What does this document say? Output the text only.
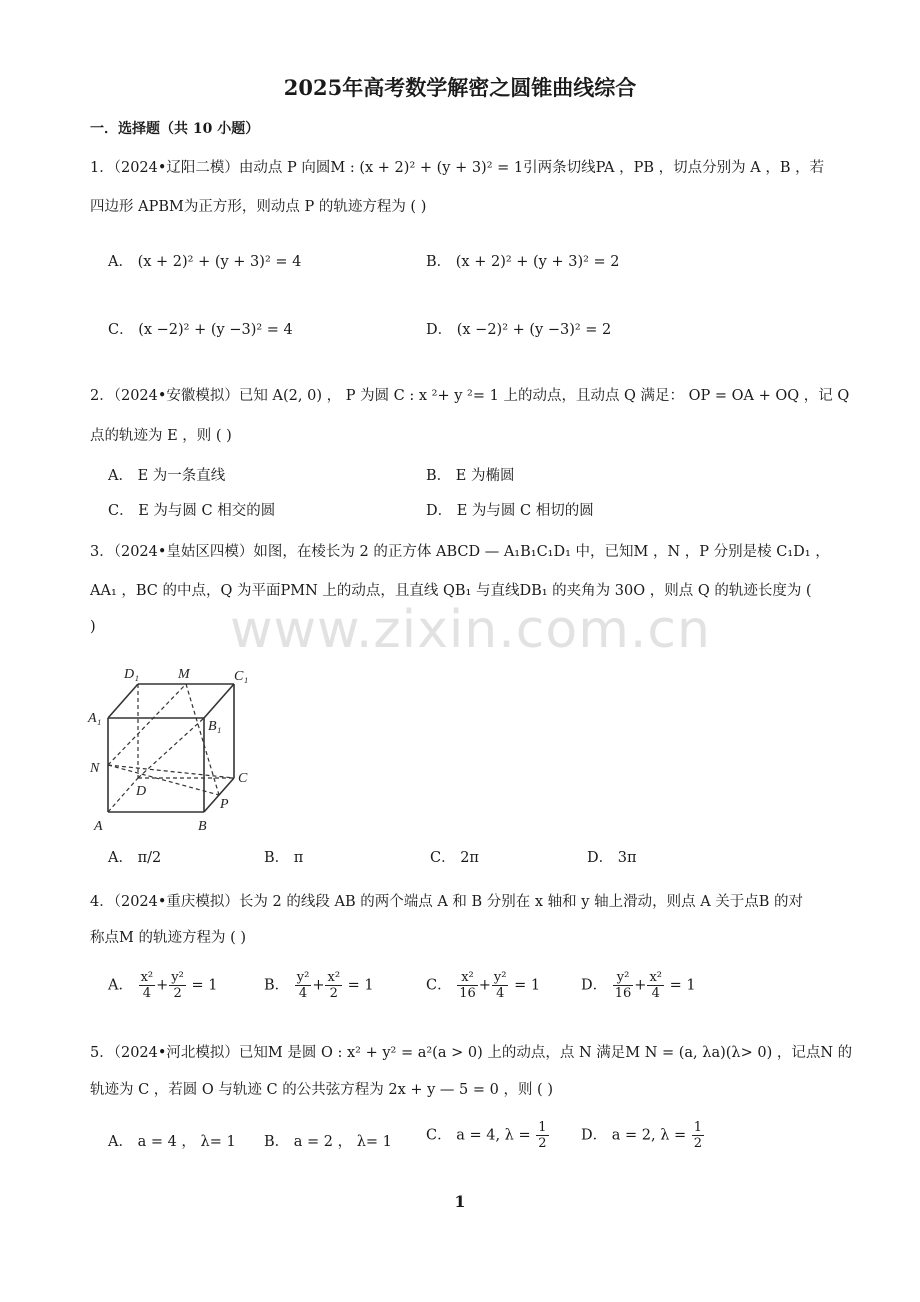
2025年高考数学解密之圆锥曲线综合
一．选择题（共 10 小题）
1．（2024•辽阳二模）由动点 P 向圆M : (x + 2)² + (y + 3)² = 1引两条切线PA ，PB ，切点分别为 A ，B ，若
四边形 APBM为正方形，则动点 P 的轨迹方程为 ( )
A． (x + 2)² + (y + 3)² = 4	B． (x + 2)² + (y + 3)² = 2
C． (x −2)² + (y −3)² = 4	D． (x −2)² + (y −3)² = 2
2．（2024•安徽模拟）已知 A(2, 0) ， P 为圆 C : x ²+ y ²= 1 上的动点，且动点 Q 满足： OP = OA + OQ ，记 Q
点的轨迹为 E ，则 ( )
A． E 为一条直线	B． E 为椭圆
C． E 为与圆 C 相交的圆	D． E 为与圆 C 相切的圆
3．（2024•皇姑区四模）如图，在棱长为 2 的正方体 ABCD — A₁B₁C₁D₁ 中，已知M ，N ，P 分别是棱 C₁D₁ ，
AA₁ ，BC 的中点，Q 为平面PMN 上的动点，且直线 QB₁ 与直线DB₁ 的夹角为 30O ，则点 Q 的轨迹长度为 (
)	www.zixin.com.cn
D₁	M	C₁
A₁
B₁
N
C
D
P
A	B
A． π/2	B． π	C． 2π	D． 3π
4．（2024•重庆模拟）长为 2 的线段 AB 的两个端点 A 和 B 分别在 x 轴和 y 轴上滑动，则点 A 关于点B 的对
称点M 的轨迹方程为 ( )
A． $\frac{\text{x²}}{4} + \frac{\text{y²}}{2} = 1$	B． $\frac{\text{y²}}{4} + \frac{\text{x²}}{2} = 1$	C． $\frac{\text{x²}}{16} + \frac{\text{y²}}{4} = 1$	D． $\frac{\text{y²}}{16} + \frac{\text{x²}}{4} = 1$
5．（2024•河北模拟）已知M 是圆 O : x² + y² = a²(a > 0) 上的动点，点 N 满足M N = (a, λa)(λ> 0) ，记点N 的
轨迹为 C ，若圆 O 与轨迹 C 的公共弦方程为 2x + y — 5 = 0 ，则 ( )
A． a = 4 ， λ= 1 B． a = 2 ， λ= 1 C． a = 4, $\lambda = \frac{1}{2}$ D． a = 2, $\lambda = \frac{1}{2}$
1
